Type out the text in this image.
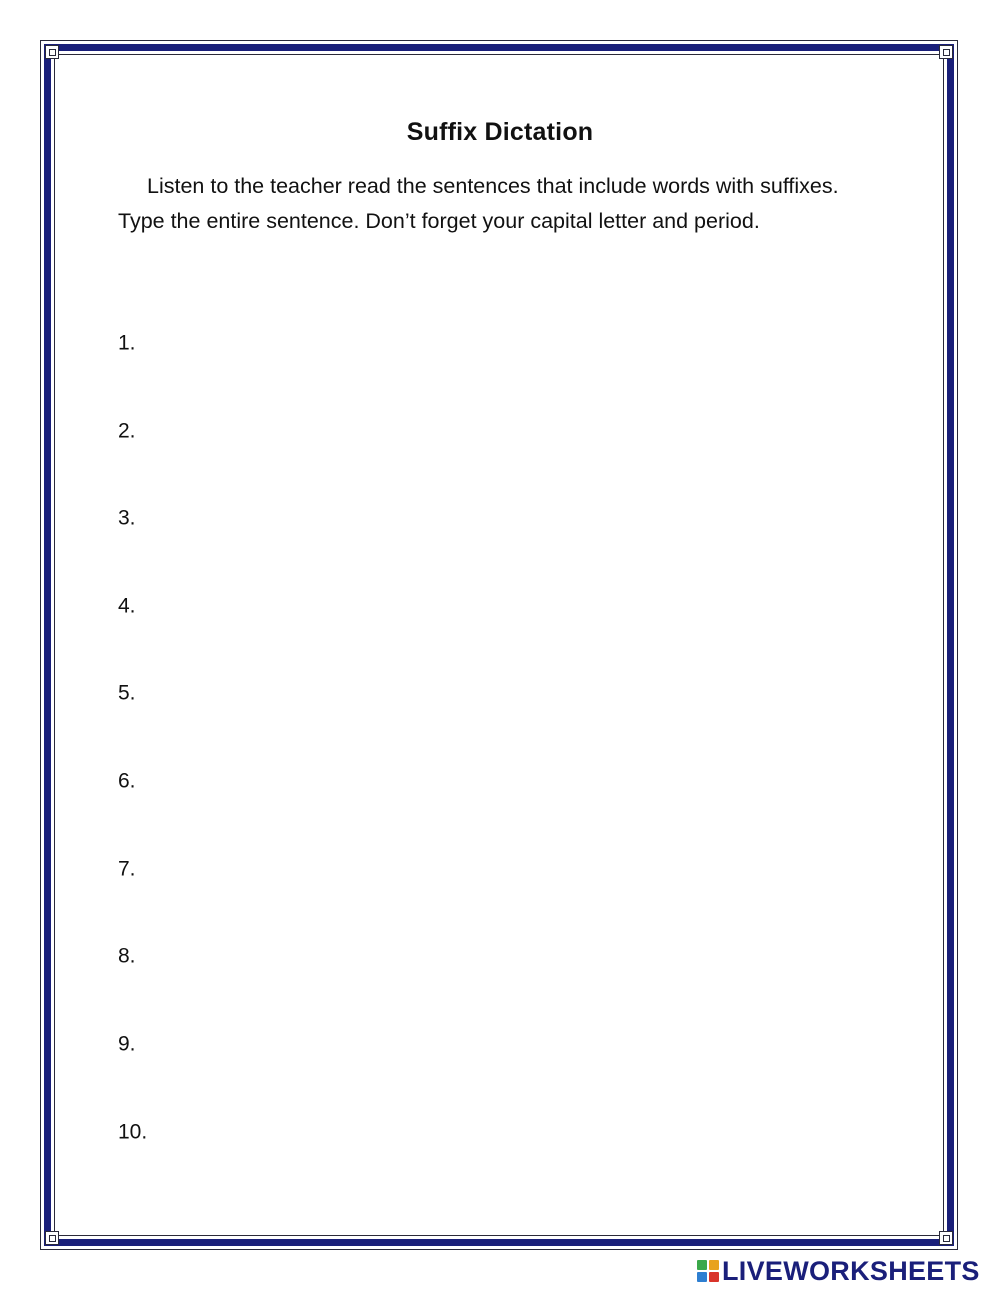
Suffix Dictation

Listen to the teacher read the sentences that include words with suffixes. Type the entire sentence. Don’t forget your capital letter and period.

1.
2.
3.
4.
5.
6.
7.
8.
9.
10.
LIVEWORKSHEETS
